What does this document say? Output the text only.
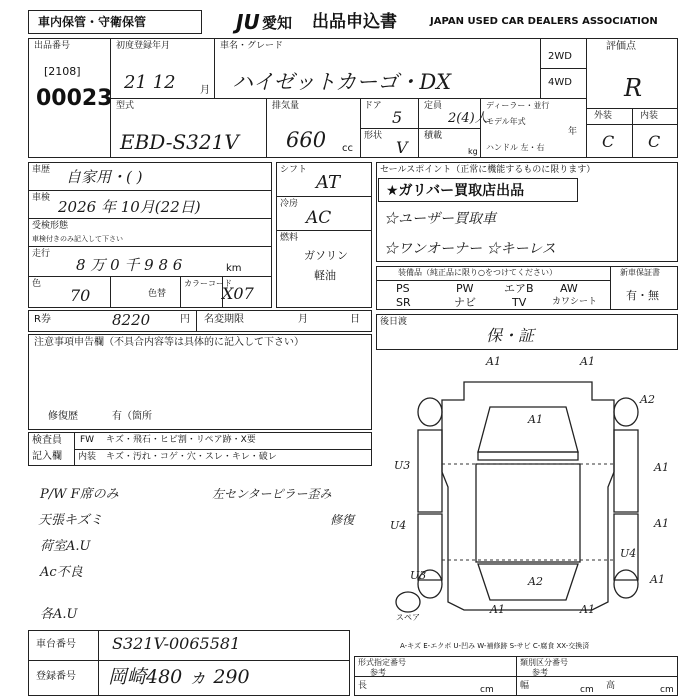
車内保管・守衛保管	JU 愛知 出品申込書	JAPAN USED CAR DEALERS ASSOCIATION
出品番号
[2108]
00023
初度登録年月
21 12 月
車名・グレード
ハイゼットカーゴ・DX
2WD
4WD
評価点
R
外装	内装
C C
型式
EBD-S321V
排気量
660 cc
ドア
5
定員
2(4)人
ディーラー・並行
モデル年式
年
ハンドル 左・右
形状
V
積載
kg
車歴 自家用・( )
車検 2026 年 10月(22日)
受検形態
車検付きのみ記入して下さい
走行
8 万 0 千 9 8 6	km
色
70	色替
カラーコード
X07
シフト
AT
冷房
AC
燃料
ガソリン
軽油
セールスポイント（正常に機能するものに限ります）
★ガリバー買取店出品
☆ユーザー買取車
☆ワンオーナー ☆キーレス
装備品（純正品に限り○をつけてください）	新車保証書
有・無
PS	PW	エアB AW
SR	ナビ	TV	カワシート
R券	8220	円 名変期限	月	日 後日渡
保・証
注意事項申告欄（不具合内容等は具体的に記入して下さい）
修復歴	有（箇所
検査員
記入欄
FW キズ・飛石・ヒビ割・リペア跡・X要
内装 キズ・汚れ・コゲ・穴・スレ・キレ・破レ
P/W F席のみ
天張キズミ
荷室A.U
Ac不良
各A.U
左センターピラー歪み
修復
A1	A1
A2
A1
A1
A1
U3
U4
U3
U4
A1
A2
A1	A1
スペア
A-キズ E-エクボ U-凹み W-補修跡 S-サビ C-腐食 XX-交換済
車台番号 S321V-0065581
登録番号 岡崎480 ヵ 290
形式指定番号
参考
類別区分番号
参考
長	cm	幅	cm 高	cm
